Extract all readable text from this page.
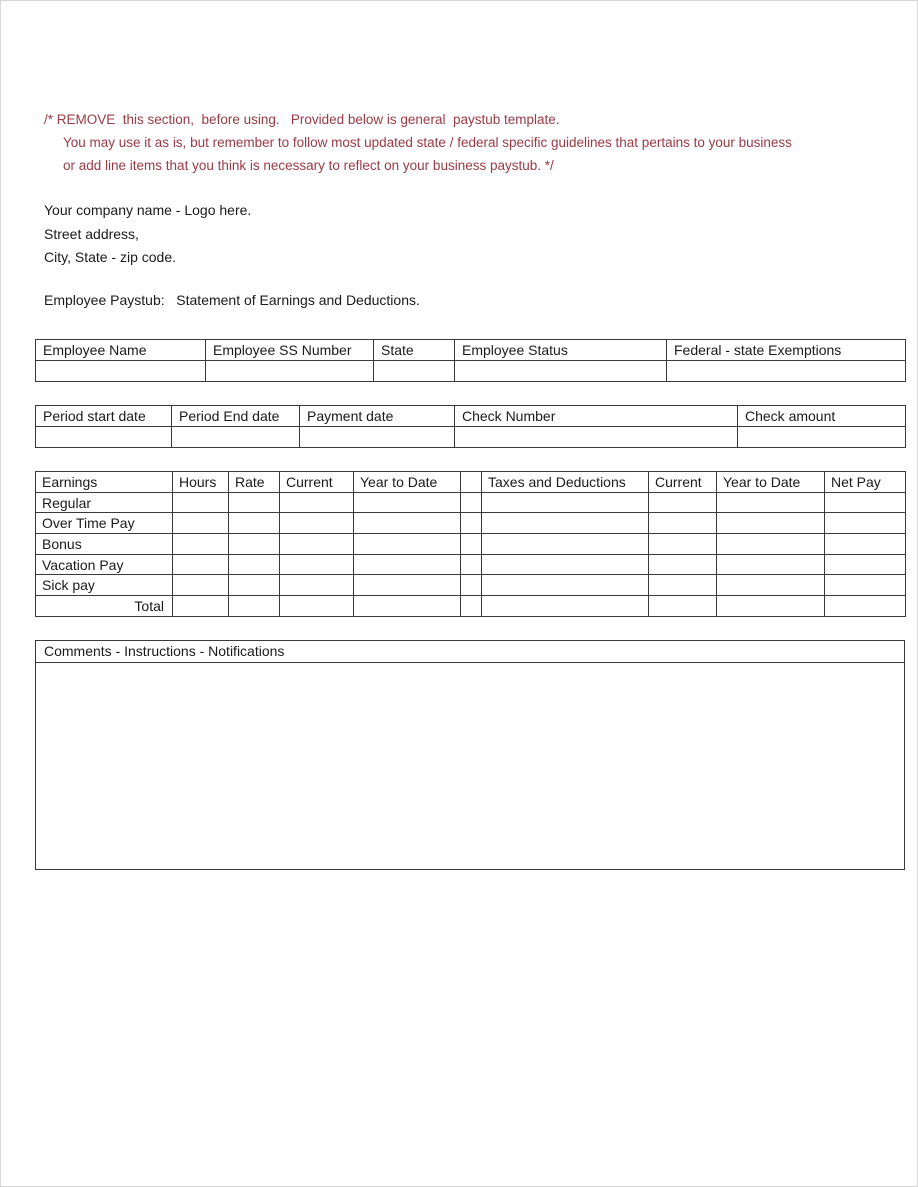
/* REMOVE  this section,  before using.   Provided below is general  paystub template.
You may use it as is, but remember to follow most updated state / federal specific guidelines that pertains to your business
or add line items that you think is necessary to reflect on your business paystub. */
Your company name - Logo here.
Street address,
City, State - zip code.
Employee Paystub:   Statement of Earnings and Deductions.
Employee Name	Employee SS Number	State	Employee Status	Federal - state Exemptions

Period start date	Period End date	Payment date	Check Number	Check amount

Earnings	Hours	Rate	Current	Year to Date		Taxes and Deductions	Current	Year to Date	Net Pay
Regular									
Over Time Pay									
Bonus									
Vacation Pay									
Sick pay									
Total									
Comments - Instructions - Notifications
